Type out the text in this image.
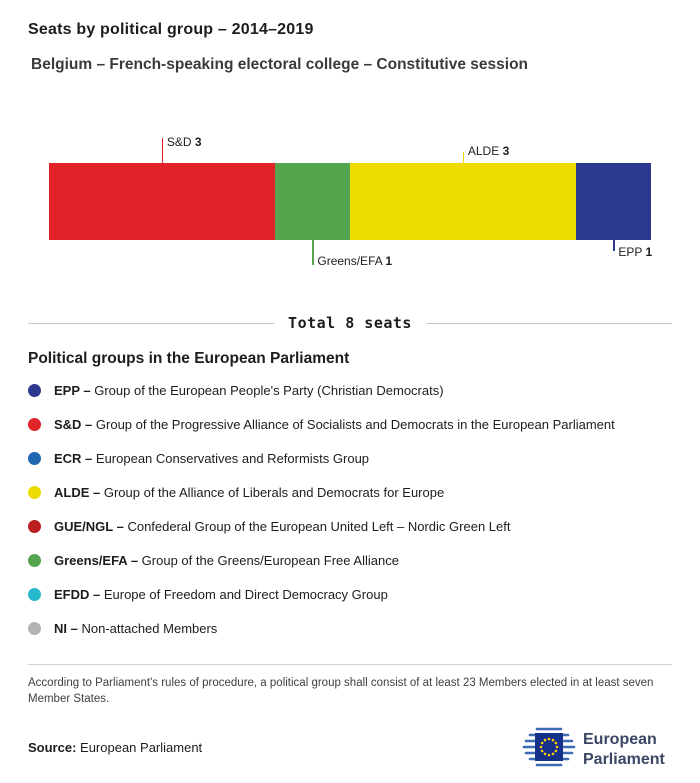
Seats by political group – 2014–2019
Belgium – French-speaking electoral college – Constitutive session
S&D 3
Greens/EFA 1
ALDE 3
EPP 1
Total 8 seats
Political groups in the European Parliament
EPP – Group of the European People's Party (Christian Democrats)
S&D – Group of the Progressive Alliance of Socialists and Democrats in the European Parliament
ECR – European Conservatives and Reformists Group
ALDE – Group of the Alliance of Liberals and Democrats for Europe
GUE/NGL – Confederal Group of the European United Left – Nordic Green Left
Greens/EFA – Group of the Greens/European Free Alliance
EFDD – Europe of Freedom and Direct Democracy Group
NI – Non-attached Members

According to Parliament's rules of procedure, a political group shall consist of at least 23 Members elected in at least seven Member States.

Source: European Parliament	European
Parliament
